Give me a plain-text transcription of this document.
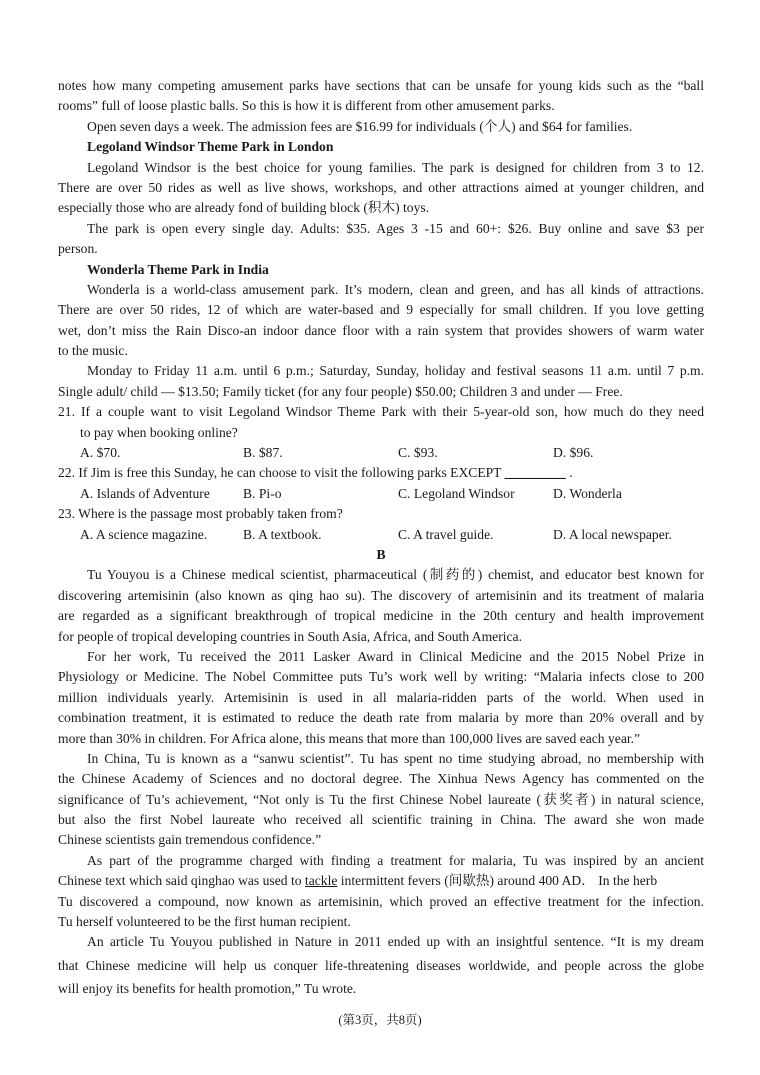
notes how many competing amusement parks have sections that can be unsafe for young kids such as the “ball
rooms” full of loose plastic balls. So this is how it is different from other amusement parks.
Open seven days a week. The admission fees are $16.99 for individuals (个人) and $64 for families.
Legoland Windsor Theme Park in London
Legoland Windsor is the best choice for young families. The park is designed for children from 3 to 12.
There are over 50 rides as well as live shows, workshops, and other attractions aimed at younger children, and
especially those who are already fond of building block (积木) toys.
The park is open every single day. Adults: $35. Ages 3 -15 and 60+: $26. Buy online and save $3 per
person.
Wonderla Theme Park in India
Wonderla is a world-class amusement park. It’s modern, clean and green, and has all kinds of attractions.
There are over 50 rides, 12 of which are water-based and 9 especially for small children. If you love getting
wet, don’t miss the Rain Disco-an indoor dance floor with a rain system that provides showers of warm water
to the music.
Monday to Friday 11 a.m. until 6 p.m.; Saturday, Sunday, holiday and festival seasons 11 a.m. until 7 p.m.
Single adult/ child — $13.50; Family ticket (for any four people) $50.00; Children 3 and under — Free.
21. If a couple want to visit Legoland Windsor Theme Park with their 5-year-old son, how much do they need
to pay when booking online?
A. $70.	B. $87.	C. $93.	D. $96.
22. If Jim is free this Sunday, he can choose to visit the following parks EXCEPT _________ .
A. Islands of Adventure	B. Pi-o	C. Legoland Windsor	D. Wonderla
23. Where is the passage most probably taken from?
A. A science magazine.	B. A textbook.	C. A travel guide.	D. A local newspaper.
B
Tu Youyou is a Chinese medical scientist, pharmaceutical (制药的) chemist, and educator best known for
discovering artemisinin (also known as qing hao su). The discovery of artemisinin and its treatment of malaria
are regarded as a significant breakthrough of tropical medicine in the 20th century and health improvement
for people of tropical developing countries in South Asia, Africa, and South America.
For her work, Tu received the 2011 Lasker Award in Clinical Medicine and the 2015 Nobel Prize in
Physiology or Medicine. The Nobel Committee puts Tu’s work well by writing: “Malaria infects close to 200
million individuals yearly. Artemisinin is used in all malaria-ridden parts of the world. When used in
combination treatment, it is estimated to reduce the death rate from malaria by more than 20% overall and by
more than 30% in children. For Africa alone, this means that more than 100,000 lives are saved each year.”
In China, Tu is known as a “sanwu scientist”. Tu has spent no time studying abroad, no membership with
the Chinese Academy of Sciences and no doctoral degree. The Xinhua News Agency has commented on the
significance of Tu’s achievement, “Not only is Tu the first Chinese Nobel laureate (获奖者) in natural science,
but also the first Nobel laureate who received all scientific training in China. The award she won made
Chinese scientists gain tremendous confidence.”
As part of the programme charged with finding a treatment for malaria, Tu was inspired by an ancient
Chinese text which said qinghao was used to tackle intermittent fevers (间歇热) around 400 AD． In the herb
Tu discovered a compound, now known as artemisinin, which proved an effective treatment for the infection.
Tu herself volunteered to be the first human recipient.
An article Tu Youyou published in Nature in 2011 ended up with an insightful sentence. “It is my dream
that Chinese medicine will help us conquer life-threatening diseases worldwide, and people across the globe
will enjoy its benefits for health promotion,” Tu wrote.
(第3页，共8页)
